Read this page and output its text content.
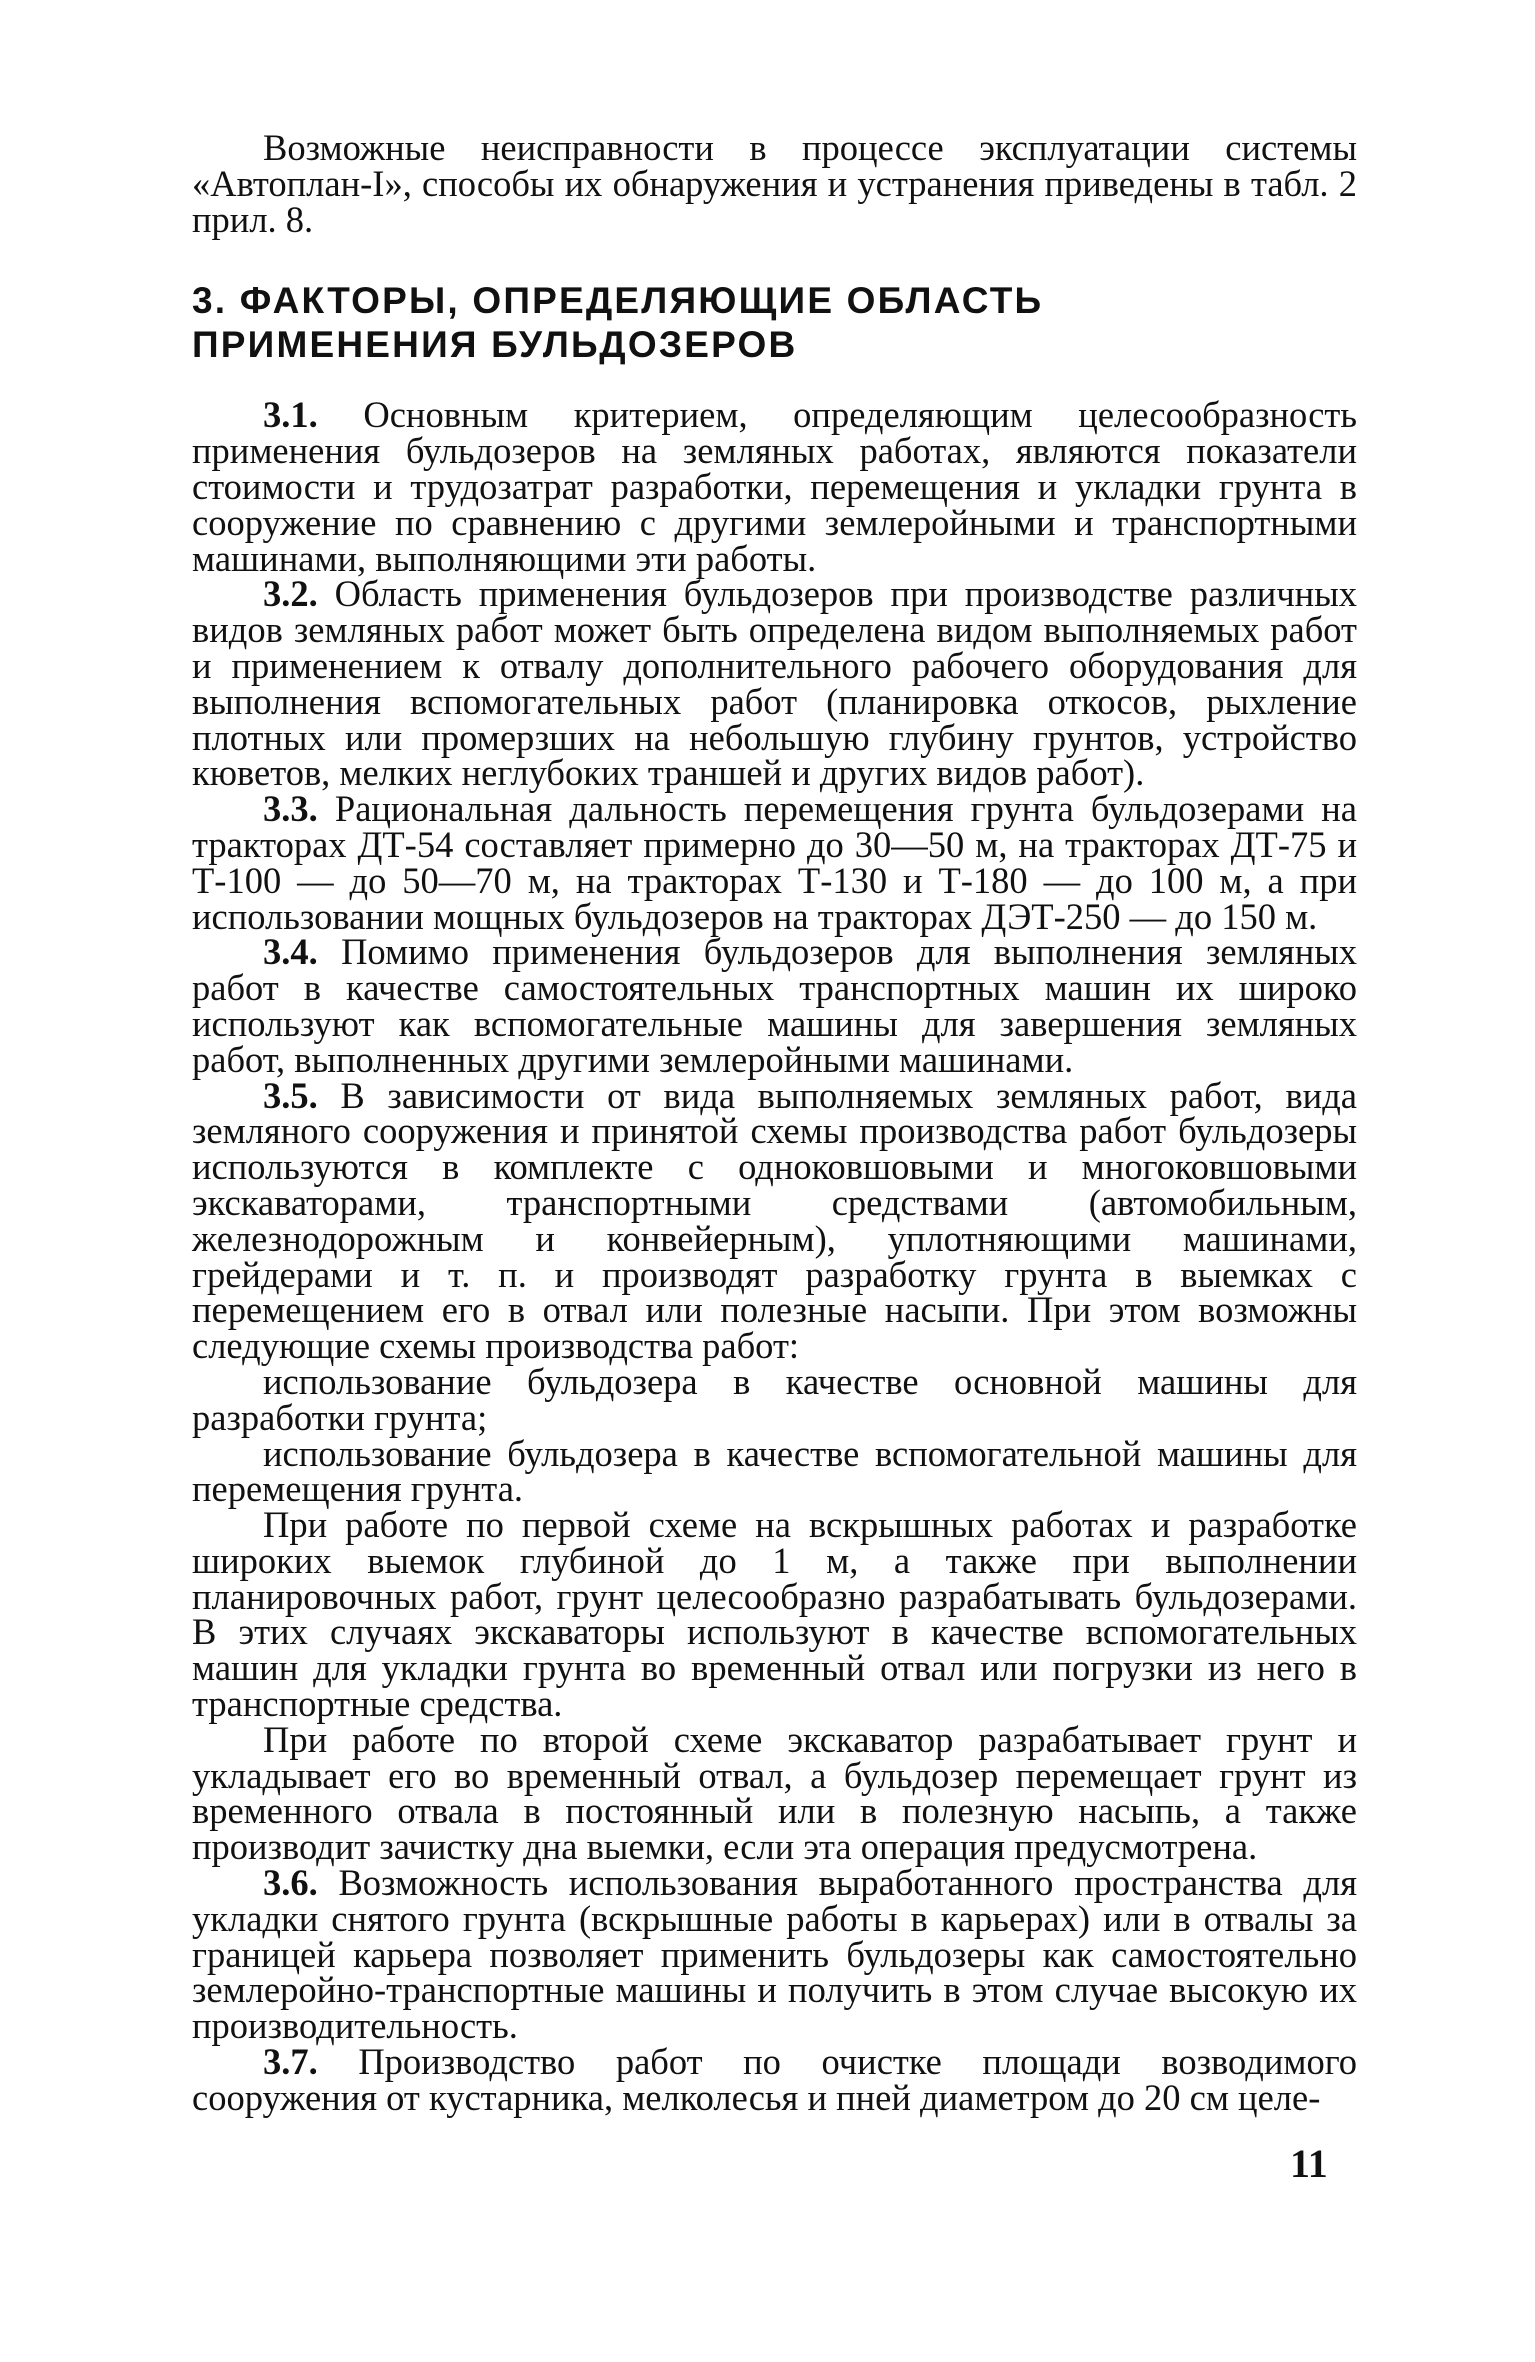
Возможные неисправности в процессе эксплуатации системы «Автоплан-I», способы их обнаружения и устранения приведены в табл. 2 прил. 8.

3. ФАКТОРЫ, ОПРЕДЕЛЯЮЩИЕ ОБЛАСТЬ
ПРИМЕНЕНИЯ БУЛЬДОЗЕРОВ

3.1. Основным критерием, определяющим целесообразность применения бульдозеров на земляных работах, являются показатели стоимости и трудозатрат разработки, перемещения и укладки грунта в сооружение по сравнению с другими землеройными и транспортными машинами, выполняющими эти работы.

3.2. Область применения бульдозеров при производстве различных видов земляных работ может быть определена видом выполняемых работ и применением к отвалу дополнительного рабочего оборудования для выполнения вспомогательных работ (планировка откосов, рыхление плотных или промерзших на небольшую глубину грунтов, устройство кюветов, мелких неглубоких траншей и других видов работ).

3.3. Рациональная дальность перемещения грунта бульдозерами на тракторах ДТ-54 составляет примерно до 30—50 м, на тракторах ДТ-75 и Т-100 — до 50—70 м, на тракторах Т-130 и Т-180 — до 100 м, а при использовании мощных бульдозеров на тракторах ДЭТ-250 — до 150 м.

3.4. Помимо применения бульдозеров для выполнения земляных работ в качестве самостоятельных транспортных машин их широко используют как вспомогательные машины для завершения земляных работ, выполненных другими землеройными машинами.

3.5. В зависимости от вида выполняемых земляных работ, вида земляного сооружения и принятой схемы производства работ бульдозеры используются в комплекте с одноковшовыми и многоковшовыми экскаваторами, транспортными средствами (автомобильным, железнодорожным и конвейерным), уплотняющими машинами, грейдерами и т. п. и производят разработку грунта в выемках с перемещением его в отвал или полезные насыпи. При этом возможны следующие схемы производства работ:

использование бульдозера в качестве основной машины для разработки грунта;

использование бульдозера в качестве вспомогательной машины для перемещения грунта.

При работе по первой схеме на вскрышных работах и разработке широких выемок глубиной до 1 м, а также при выполнении планировочных работ, грунт целесообразно разрабатывать бульдозерами. В этих случаях экскаваторы используют в качестве вспомогательных машин для укладки грунта во временный отвал или погрузки из него в транспортные средства.

При работе по второй схеме экскаватор разрабатывает грунт и укладывает его во временный отвал, а бульдозер перемещает грунт из временного отвала в постоянный или в полезную насыпь, а также производит зачистку дна выемки, если эта операция предусмотрена.

3.6. Возможность использования выработанного пространства для укладки снятого грунта (вскрышные работы в карьерах) или в отвалы за границей карьера позволяет применить бульдозеры как самостоятельно землеройно-транспортные машины и получить в этом случае высокую их производительность.

3.7. Производство работ по очистке площади возводимого сооружения от кустарника, мелколесья и пней диаметром до 20 см целе-

11
